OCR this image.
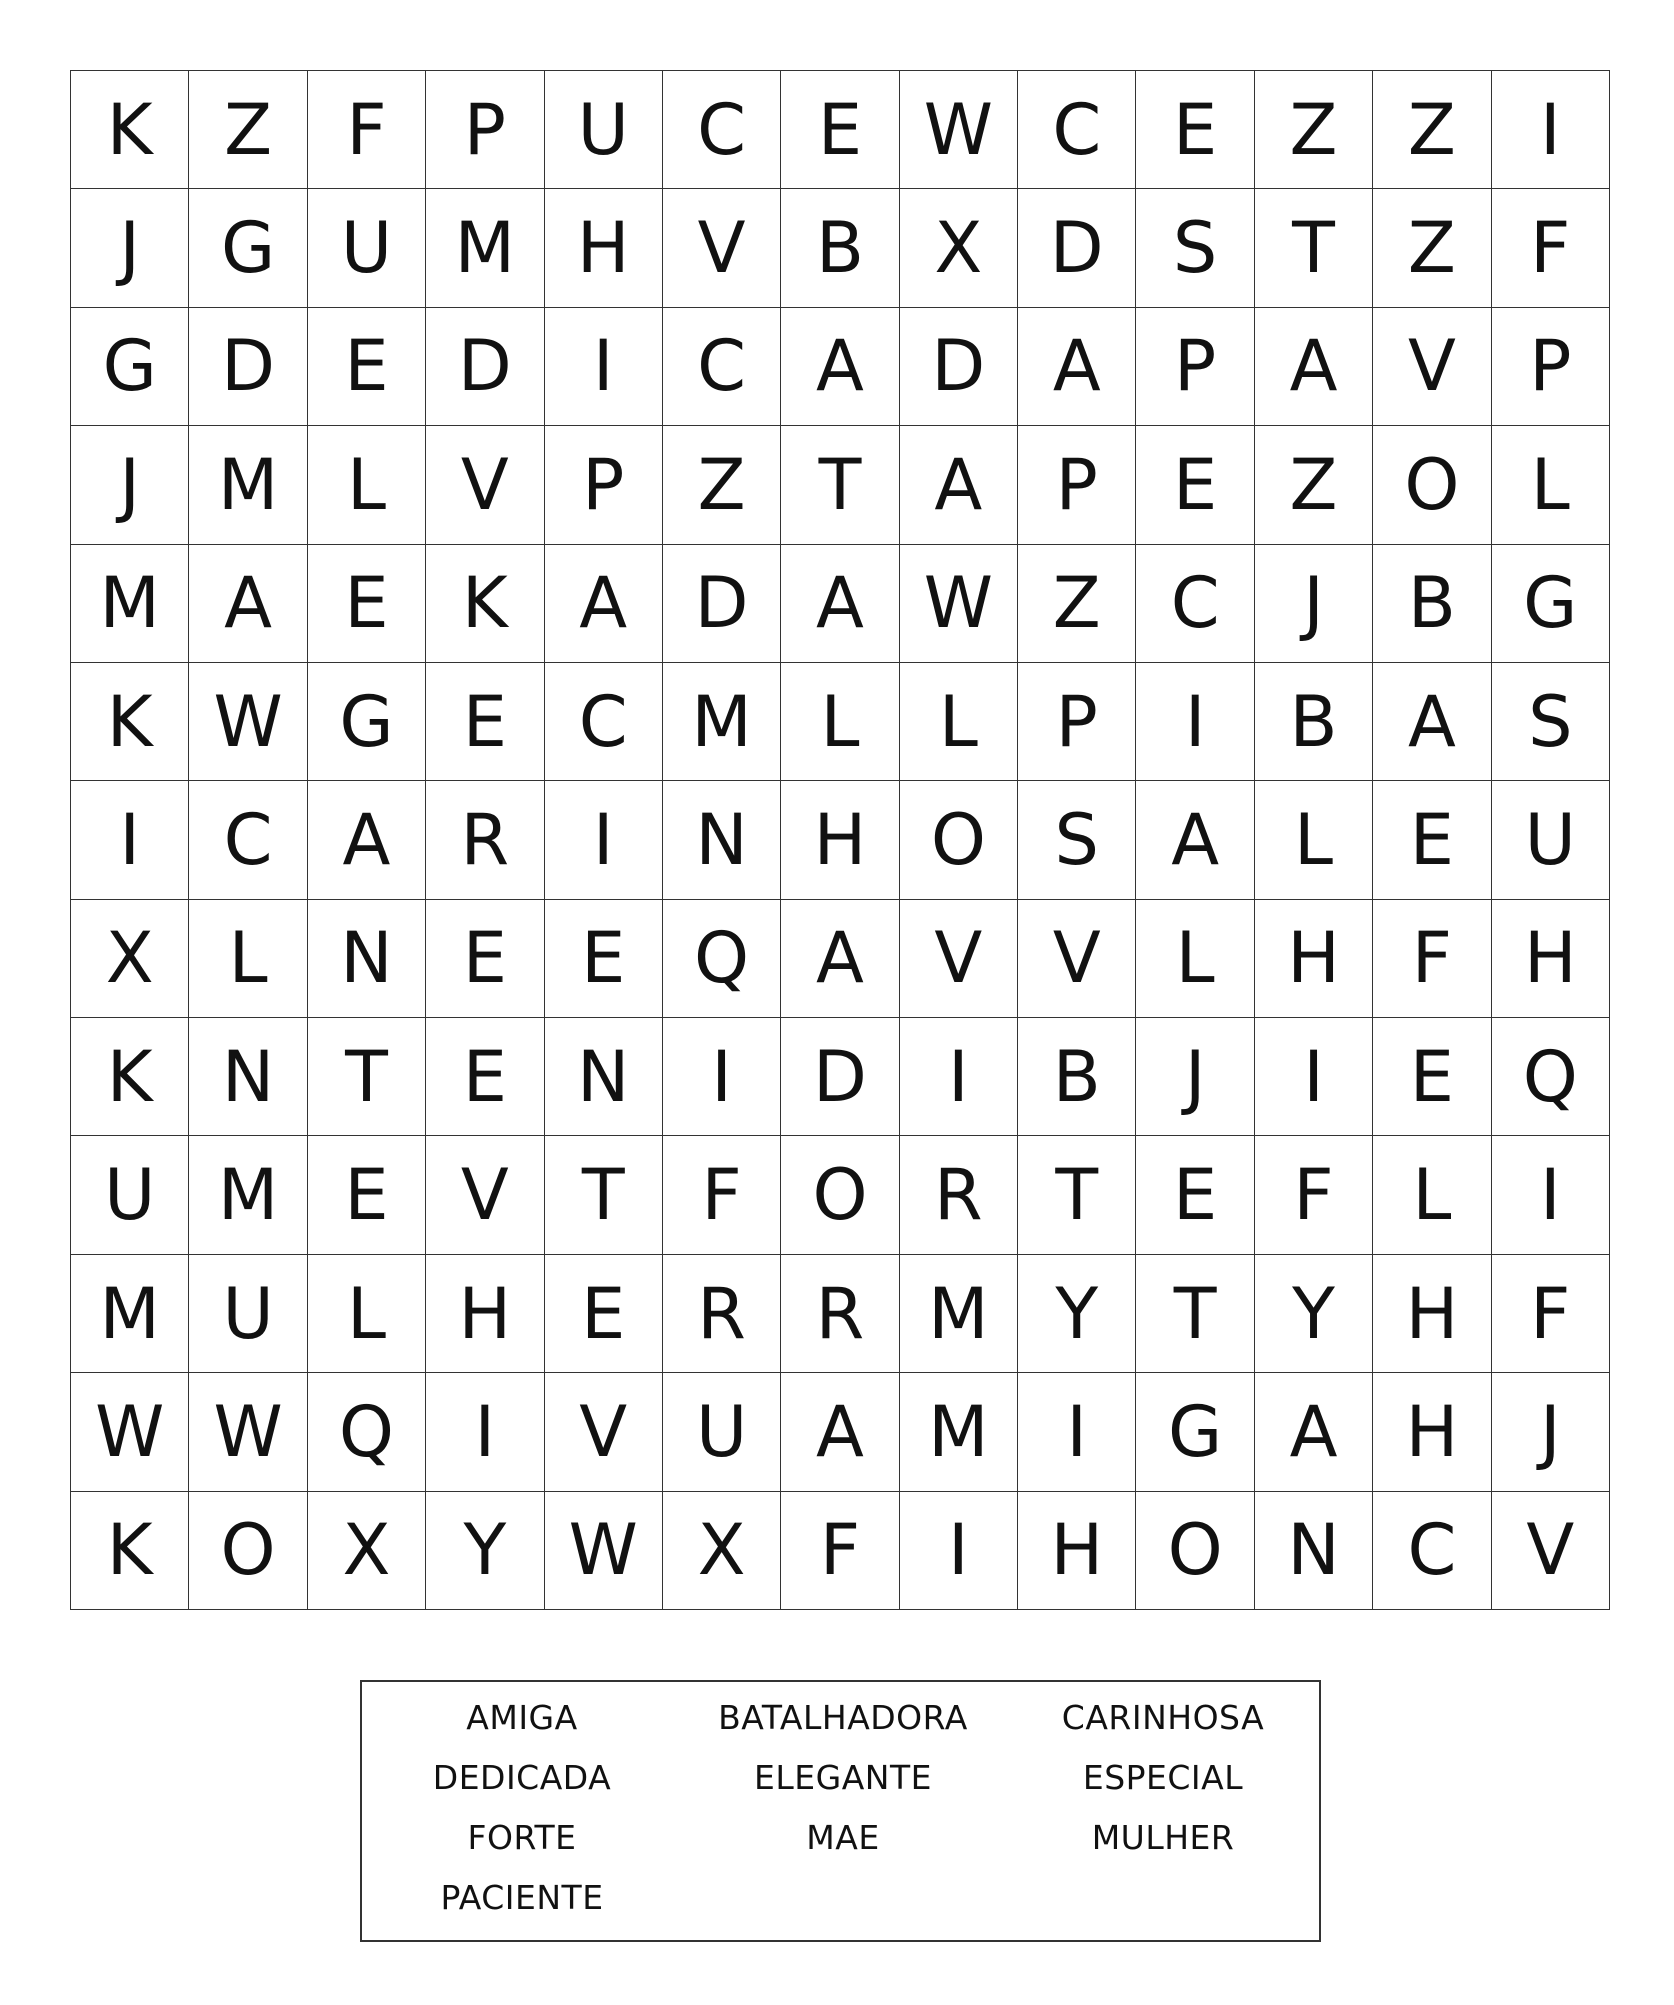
K	Z	F	P	U C	E W C	E	Z	Z	I
J	G U M H V	B	X D S	T	Z	F
G D E D	I	C	A D A	P	A	V	P
J	M L	V	P	Z	T	A	P	E	Z O	L
M A	E	K	A D A W Z C	J	B G
K W G E	C M L	L	P	I	B	A	S
I	C A	R	I	N H O S	A	L	E	U
X	L	N	E	E Q A	V	V	L	H	F	H
K N	T	E	N	I	D	I	B	J	I	E Q
U M E	V	T	F	O R	T	E	F	L	I
M U	L	H E	R R M Y	T	Y	H	F
W W Q	I	V U A M	I	G A H	J
K O X	Y W X	F	I	H O N C V
AMIGA	BATALHADORA	CARINHOSA
DEDICADA	ELEGANTE	ESPECIAL
FORTE	MAE	MULHER
PACIENTE
